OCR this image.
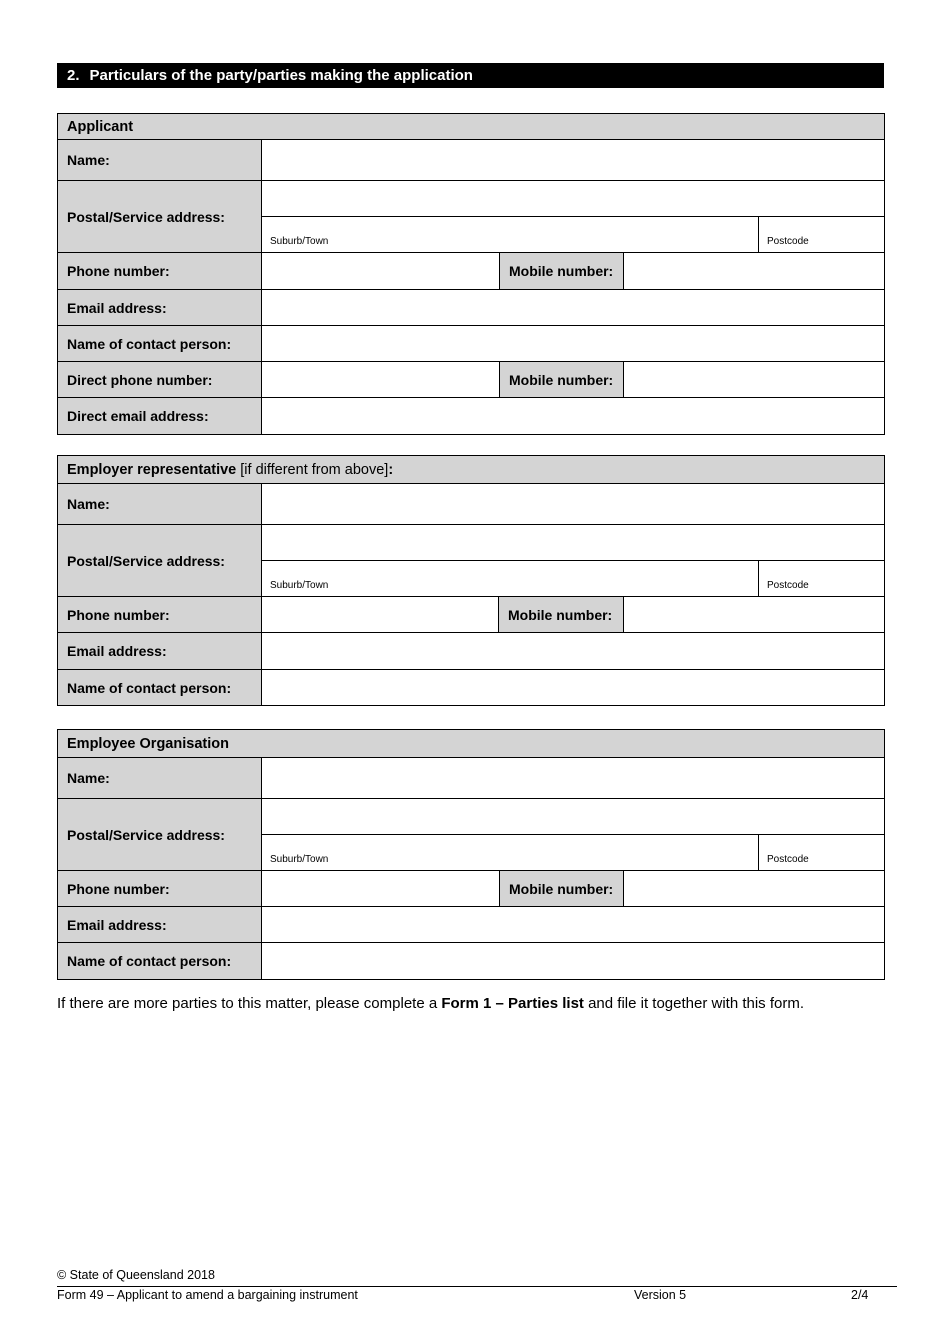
2. Particulars of the party/parties making the application
Applicant				
Name:				
Postal/Service address:				
	Suburb/Town			Postcode
Phone number:		Mobile number:		
Email address:				
Name of contact person:				
Direct phone number:		Mobile number:		
Direct email address:				
Employer representative [if different from above]:				
Name:				
Postal/Service address:				
	Suburb/Town			Postcode
Phone number:		Mobile number:		
Email address:				
Name of contact person:				
Employee Organisation				
Name:				
Postal/Service address:				
	Suburb/Town			Postcode
Phone number:		Mobile number:		
Email address:				
Name of contact person:				
If there are more parties to this matter, please complete a Form 1 – Parties list and file it together with this form.
© State of Queensland 2018
Form 49 – Applicant to amend a bargaining instrument	Version 5	2/4
